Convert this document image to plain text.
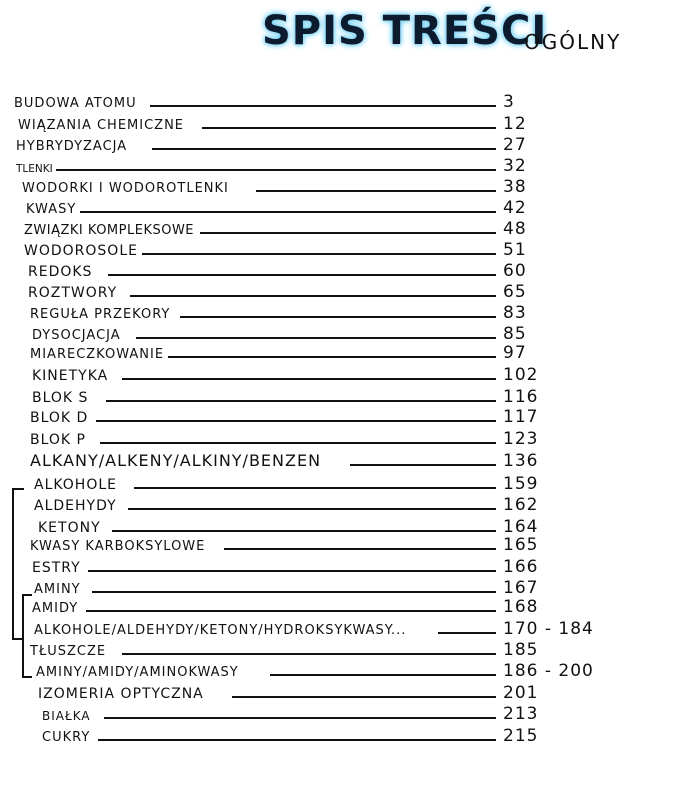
SPIS TREŚCI
OGÓLNY
BUDOWA ATOMU	3
WIĄZANIA CHEMICZNE	12
HYBRYDYZACJA	27
TLENKI	32
WODORKI I WODOROTLENKI	38
KWASY	42
ZWIĄZKI KOMPLEKSOWE	48
WODOROSOLE	51
REDOKS	60
ROZTWORY	65
REGUŁA PRZEKORY	83
DYSOCJACJA	85
MIARECZKOWANIE	97
KINETYKA	102
BLOK S	116
BLOK D	117
BLOK P	123
ALKANY/ALKENY/ALKINY/BENZEN	136
ALKOHOLE	159
ALDEHYDY	162
KETONY	164
KWASY KARBOKSYLOWE	165
ESTRY	166
AMINY	167
AMIDY	168
ALKOHOLE/ALDEHYDY/KETONY/HYDROKSYKWASY...	170 - 184
TŁUSZCZE	185
AMINY/AMIDY/AMINOKWASY	186 - 200
IZOMERIA OPTYCZNA	201
BIAŁKA	213
CUKRY	215
